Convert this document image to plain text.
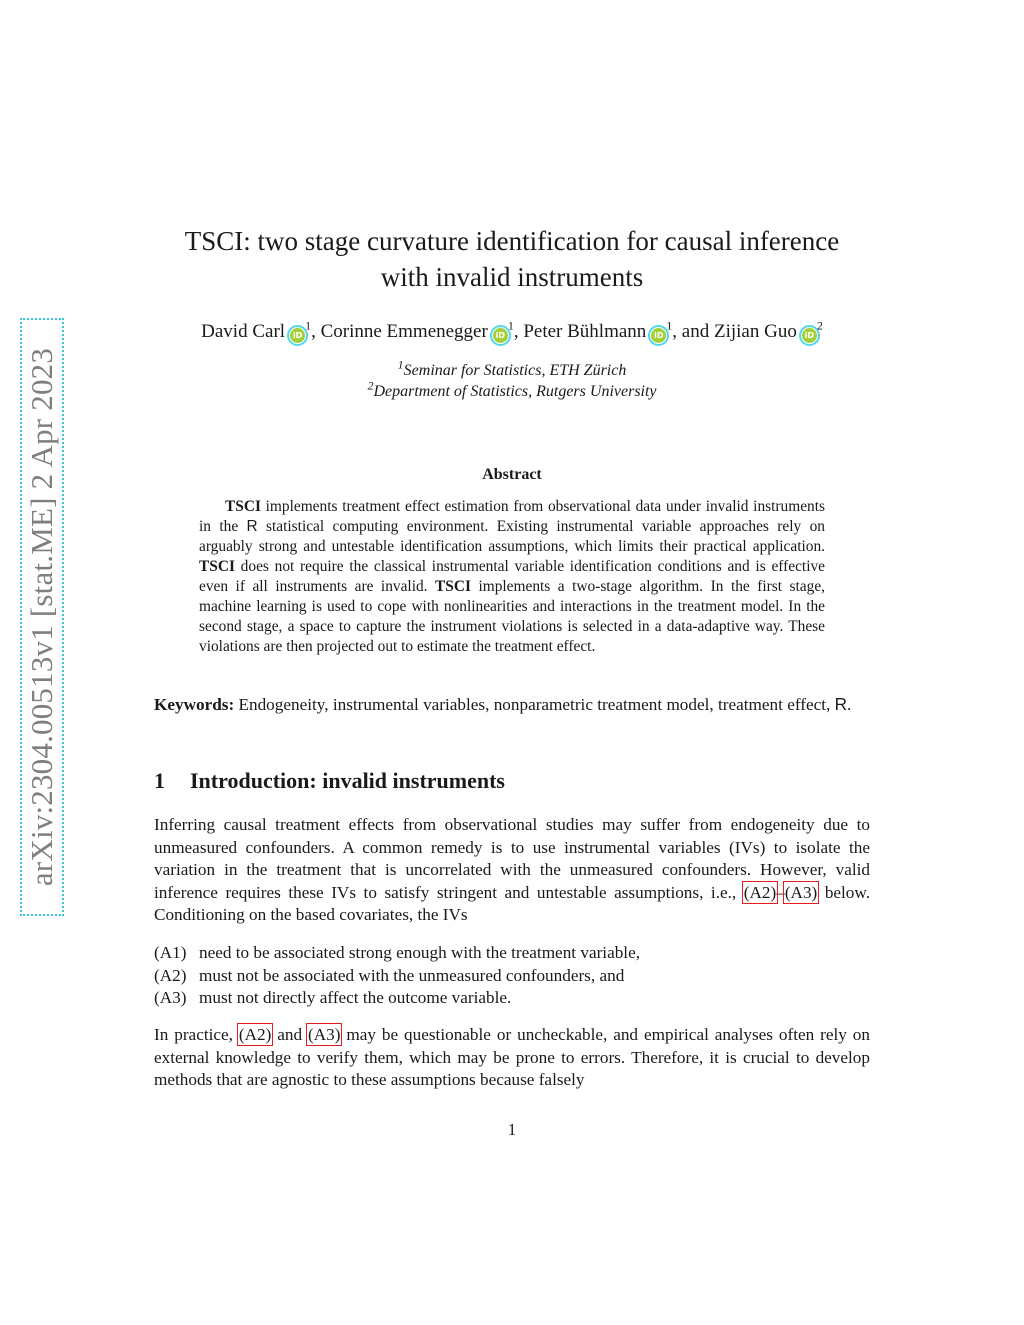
arXiv:2304.00513v1 [stat.ME] 2 Apr 2023
TSCI: two stage curvature identification for causal inference
with invalid instruments
David Carl $iD^1$, Corinne Emmenegger $iD^1$, Peter Bühlmann $iD^1$, and Zijian Guo $iD^2$
$^1$Seminar for Statistics, ETH Zürich
$^2$Department of Statistics, Rutgers University
Abstract

TSCI implements treatment effect estimation from observational data under invalid instruments in the R statistical computing environment. Existing instrumental variable approaches rely on arguably strong and untestable identification assumptions, which limits their practical application. TSCI does not require the classical instrumental variable identification conditions and is effective even if all instruments are invalid. TSCI implements a two-stage algorithm. In the first stage, machine learning is used to cope with nonlinearities and interactions in the treatment model. In the second stage, a space to capture the instrument violations is selected in a data-adaptive way. These violations are then projected out to estimate the treatment effect.

Keywords: Endogeneity, instrumental variables, nonparametric treatment model, treatment effect, R.

1 Introduction: invalid instruments

Inferring causal treatment effects from observational studies may suffer from endogeneity due to unmeasured confounders. A common remedy is to use instrumental variables (IVs) to isolate the variation in the treatment that is uncorrelated with the unmeasured confounders. However, valid inference requires these IVs to satisfy stringent and untestable assumptions, i.e., (A2)–(A3) below. Conditioning on the based covariates, the IVs

(A1) need to be associated strong enough with the treatment variable,
(A2) must not be associated with the unmeasured confounders, and
(A3) must not directly affect the outcome variable.

In practice, (A2) and (A3) may be questionable or uncheckable, and empirical analyses often rely on external knowledge to verify them, which may be prone to errors. Therefore, it is crucial to develop methods that are agnostic to these assumptions because falsely

1
